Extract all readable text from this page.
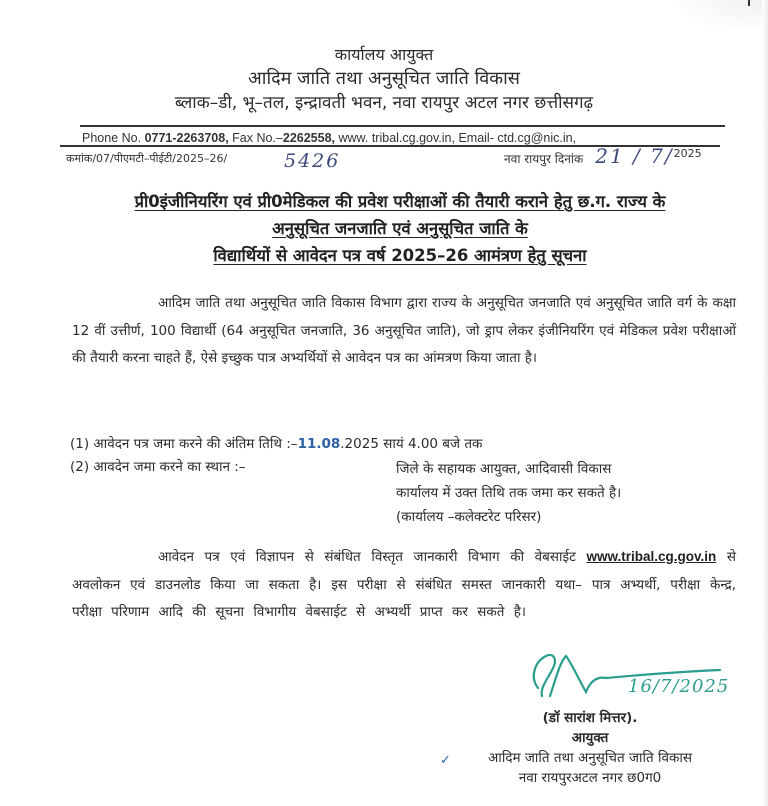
कार्यालय आयुक्त
आदिम जाति तथा अनुसूचित जाति विकास
ब्लाक–डी, भू–तल, इन्द्रावती भवन, नवा रायपुर अटल नगर छत्तीसगढ़
Phone No. 0771-2263708, Fax No.–2262558, www. tribal.cg.gov.in, Email- ctd.cg@nic.in,
कमांक/07/पीएमटी–पीईटी/2025–26/	5426	नवा रायपुर दिनांक 21 / 7/2025
प्री0इंजीनियरिंग एवं प्री0मेडिकल की प्रवेश परीक्षाओं की तैयारी कराने हेतु छ.ग. राज्य के
अनुसूचित जनजाति एवं अनुसूचित जाति के
विद्यार्थियों से आवेदन पत्र वर्ष 2025–26 आमंत्रण हेतु सूचना
आदिम जाति तथा अनुसूचित जाति विकास विभाग द्वारा राज्य के अनुसूचित जनजाति एवं अनुसूचित जाति वर्ग के कक्षा 12 वीं उत्तीर्ण, 100 विद्यार्थी (64 अनुसूचित जनजाति, 36 अनुसूचित जाति), जो ड्राप लेकर इंजीनियरिंग एवं मेडिकल प्रवेश परीक्षाओं की तैयारी करना चाहते हैं, ऐसे इच्छुक पात्र अभ्यर्थियों से आवेदन पत्र का आंमत्रण किया जाता है।
(1) आवेदन पत्र जमा करने की अंतिम तिथि :–11.08.2025 सायं 4.00 बजे तक
(2) आवदेन जमा करने का स्थान :–	जिले के सहायक आयुक्त, आदिवासी विकास
कार्यालय में उक्त तिथि तक जमा कर सकते है।
(कार्यालय –कलेक्टरेट परिसर)
आवेदन पत्र एवं विज्ञापन से संबंधित विस्तृत जानकारी विभाग की वेबसाईट www.tribal.cg.gov.in से अवलोकन एवं डाउनलोड किया जा सकता है। इस परीक्षा से संबंधित समस्त जानकारी यथा– पात्र अभ्यर्थी, परीक्षा केन्द्र, परीक्षा परिणाम आदि की सूचना विभागीय वेबसाईट से अभ्यर्थी प्राप्त कर सकते है।
16/7/2025
(डॉ सारांश मित्तर).
आयुक्त
✓	आदिम जाति तथा अनुसूचित जाति विकास
नवा रायपुरअटल नगर छ0ग0
